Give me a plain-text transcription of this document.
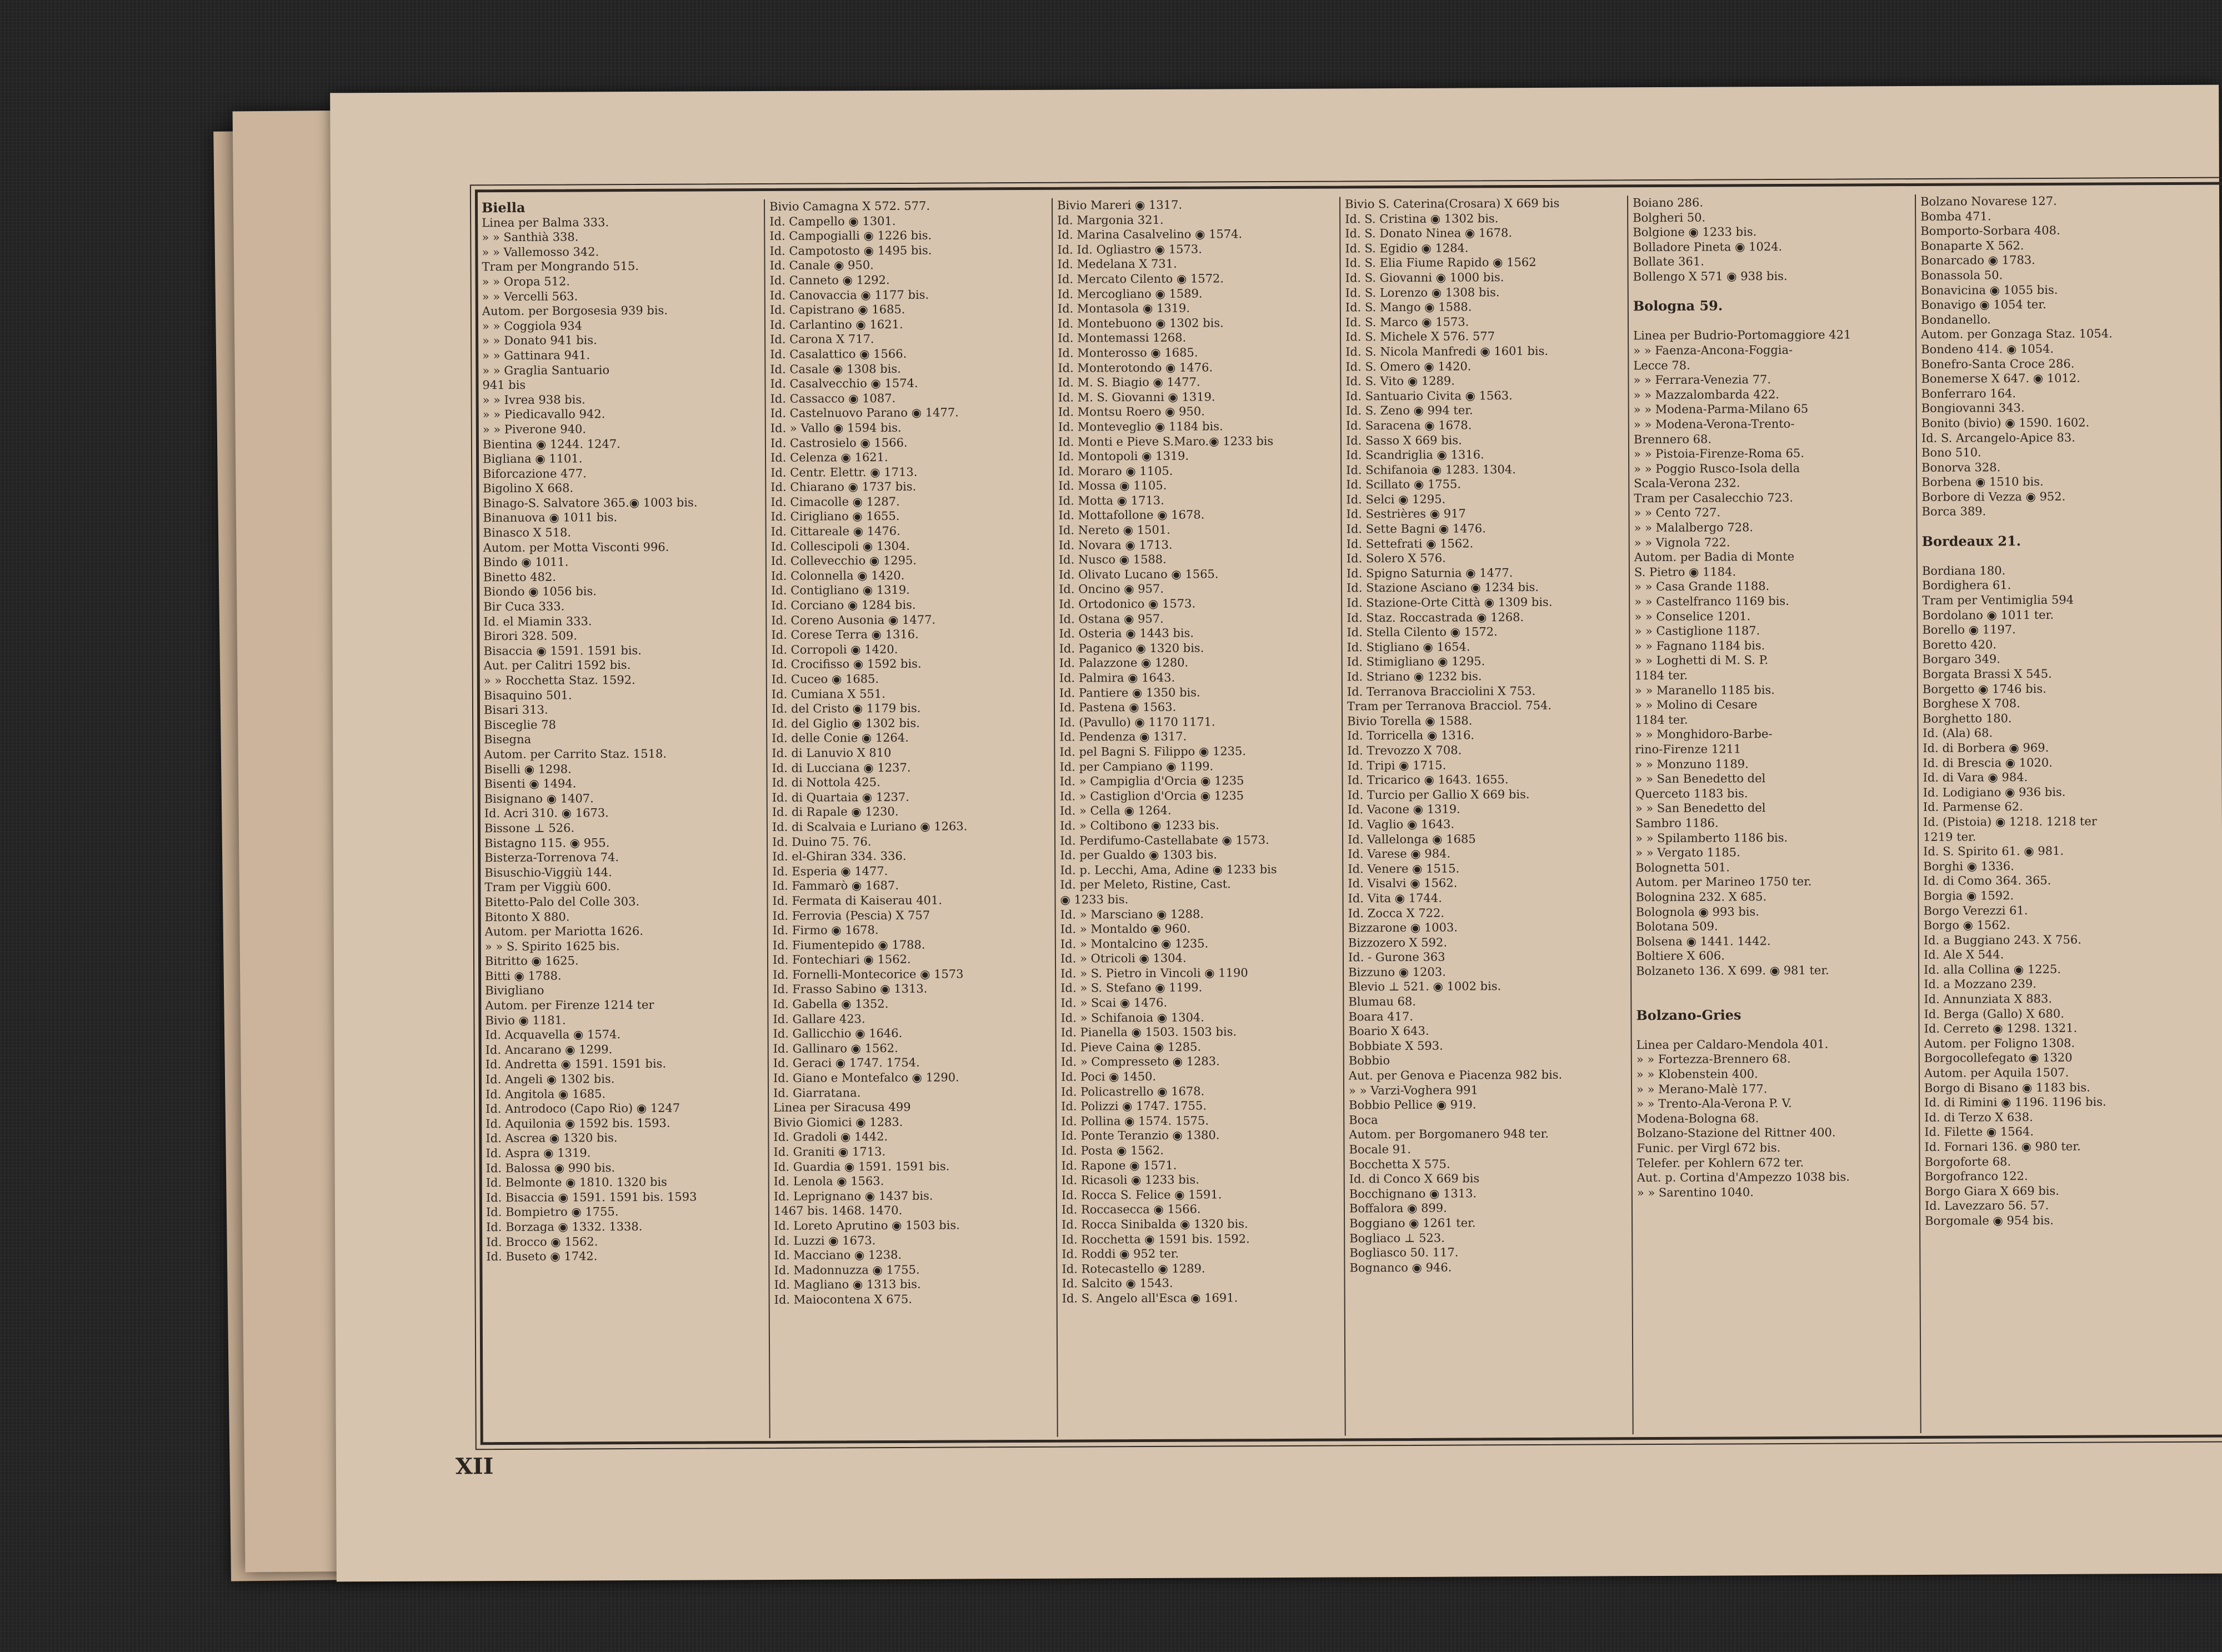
Biella
Linea per Balma 333.
» » Santhià 338.
» » Vallemosso 342.
Tram per Mongrando 515.
» » Oropa 512.
» » Vercelli 563.
Autom. per Borgosesia 939 bis.
» » Coggiola 934
» » Donato 941 bis.
» » Gattinara 941.
» » Graglia Santuario
941 bis
» » Ivrea 938 bis.
» » Piedicavallo 942.
» » Piverone 940.
Bientina ◉ 1244. 1247.
Bigliana ◉ 1101.
Biforcazione 477.
Bigolino Ⅹ 668.
Binago-S. Salvatore 365.◉ 1003 bis.
Binanuova ◉ 1011 bis.
Binasco Ⅹ 518.
Autom. per Motta Visconti 996.
Bindo ◉ 1011.
Binetto 482.
Biondo ◉ 1056 bis.
Bir Cuca 333.
Id. el Miamin 333.
Birori 328. 509.
Bisaccia ◉ 1591. 1591 bis.
Aut. per Calitri 1592 bis.
» » Rocchetta Staz. 1592.
Bisaquino 501.
Bisari 313.
Bisceglie 78
Bisegna
Autom. per Carrito Staz. 1518.
Biselli ◉ 1298.
Bisenti ◉ 1494.
Bisignano ◉ 1407.
Id. Acri 310. ◉ 1673.
Bissone ⊥ 526.
Bistagno 115. ◉ 955.
Bisterza-Torrenova 74.
Bisuschio-Viggiù 144.
Tram per Viggiù 600.
Bitetto-Palo del Colle 303.
Bitonto Ⅹ 880.
Autom. per Mariotta 1626.
» » S. Spirito 1625 bis.
Bitritto ◉ 1625.
Bitti ◉ 1788.
Bivigliano
Autom. per Firenze 1214 ter
Bivio ◉ 1181.
Id. Acquavella ◉ 1574.
Id. Ancarano ◉ 1299.
Id. Andretta ◉ 1591. 1591 bis.
Id. Angeli ◉ 1302 bis.
Id. Angitola ◉ 1685.
Id. Antrodoco (Capo Rio) ◉ 1247
Id. Aquilonia ◉ 1592 bis. 1593.
Id. Ascrea ◉ 1320 bis.
Id. Aspra ◉ 1319.
Id. Balossa ◉ 990 bis.
Id. Belmonte ◉ 1810. 1320 bis
Id. Bisaccia ◉ 1591. 1591 bis. 1593
Id. Bompietro ◉ 1755.
Id. Borzaga ◉ 1332. 1338.
Id. Brocco ◉ 1562.
Id. Buseto ◉ 1742.
Bivio Camagna Ⅹ 572. 577.
Id. Campello ◉ 1301.
Id. Campogialli ◉ 1226 bis.
Id. Campotosto ◉ 1495 bis.
Id. Canale ◉ 950.
Id. Canneto ◉ 1292.
Id. Canovaccia ◉ 1177 bis.
Id. Capistrano ◉ 1685.
Id. Carlantino ◉ 1621.
Id. Carona Ⅹ 717.
Id. Casalattico ◉ 1566.
Id. Casale ◉ 1308 bis.
Id. Casalvecchio ◉ 1574.
Id. Cassacco ◉ 1087.
Id. Castelnuovo Parano ◉ 1477.
Id. » Vallo ◉ 1594 bis.
Id. Castrosielo ◉ 1566.
Id. Celenza ◉ 1621.
Id. Centr. Elettr. ◉ 1713.
Id. Chiarano ◉ 1737 bis.
Id. Cimacolle ◉ 1287.
Id. Cirigliano ◉ 1655.
Id. Cittareale ◉ 1476.
Id. Collescipoli ◉ 1304.
Id. Collevecchio ◉ 1295.
Id. Colonnella ◉ 1420.
Id. Contigliano ◉ 1319.
Id. Corciano ◉ 1284 bis.
Id. Coreno Ausonia ◉ 1477.
Id. Corese Terra ◉ 1316.
Id. Corropoli ◉ 1420.
Id. Crocifisso ◉ 1592 bis.
Id. Cuceo ◉ 1685.
Id. Cumiana Ⅹ 551.
Id. del Cristo ◉ 1179 bis.
Id. del Giglio ◉ 1302 bis.
Id. delle Conie ◉ 1264.
Id. di Lanuvio Ⅹ 810
Id. di Lucciana ◉ 1237.
Id. di Nottola 425.
Id. di Quartaia ◉ 1237.
Id. di Rapale ◉ 1230.
Id. di Scalvaia e Luriano ◉ 1263.
Id. Duino 75. 76.
Id. el-Ghiran 334. 336.
Id. Esperia ◉ 1477.
Id. Fammarò ◉ 1687.
Id. Fermata di Kaiserau 401.
Id. Ferrovia (Pescia) Ⅹ 757
Id. Firmo ◉ 1678.
Id. Fiumentepido ◉ 1788.
Id. Fontechiari ◉ 1562.
Id. Fornelli-Montecorice ◉ 1573
Id. Frasso Sabino ◉ 1313.
Id. Gabella ◉ 1352.
Id. Gallare 423.
Id. Gallicchio ◉ 1646.
Id. Gallinaro ◉ 1562.
Id. Geraci ◉ 1747. 1754.
Id. Giano e Montefalco ◉ 1290.
Id. Giarratana.
Linea per Siracusa 499
Bivio Giomici ◉ 1283.
Id. Gradoli ◉ 1442.
Id. Graniti ◉ 1713.
Id. Guardia ◉ 1591. 1591 bis.
Id. Lenola ◉ 1563.
Id. Leprignano ◉ 1437 bis.
1467 bis. 1468. 1470.
Id. Loreto Aprutino ◉ 1503 bis.
Id. Luzzi ◉ 1673.
Id. Macciano ◉ 1238.
Id. Madonnuzza ◉ 1755.
Id. Magliano ◉ 1313 bis.
Id. Maiocontena Ⅹ 675.
Bivio Mareri ◉ 1317.
Id. Margonia 321.
Id. Marina Casalvelino ◉ 1574.
Id. Id. Ogliastro ◉ 1573.
Id. Medelana Ⅹ 731.
Id. Mercato Cilento ◉ 1572.
Id. Mercogliano ◉ 1589.
Id. Montasola ◉ 1319.
Id. Montebuono ◉ 1302 bis.
Id. Montemassi 1268.
Id. Monterosso ◉ 1685.
Id. Monterotondo ◉ 1476.
Id. M. S. Biagio ◉ 1477.
Id. M. S. Giovanni ◉ 1319.
Id. Montsu Roero ◉ 950.
Id. Monteveglio ◉ 1184 bis.
Id. Monti e Pieve S.Maro.◉ 1233 bis
Id. Montopoli ◉ 1319.
Id. Moraro ◉ 1105.
Id. Mossa ◉ 1105.
Id. Motta ◉ 1713.
Id. Mottafollone ◉ 1678.
Id. Nereto ◉ 1501.
Id. Novara ◉ 1713.
Id. Nusco ◉ 1588.
Id. Olivato Lucano ◉ 1565.
Id. Oncino ◉ 957.
Id. Ortodonico ◉ 1573.
Id. Ostana ◉ 957.
Id. Osteria ◉ 1443 bis.
Id. Paganico ◉ 1320 bis.
Id. Palazzone ◉ 1280.
Id. Palmira ◉ 1643.
Id. Pantiere ◉ 1350 bis.
Id. Pastena ◉ 1563.
Id. (Pavullo) ◉ 1170 1171.
Id. Pendenza ◉ 1317.
Id. pel Bagni S. Filippo ◉ 1235.
Id. per Campiano ◉ 1199.
Id. » Campiglia d'Orcia ◉ 1235
Id. » Castiglion d'Orcia ◉ 1235
Id. » Cella ◉ 1264.
Id. » Coltibono ◉ 1233 bis.
Id. Perdifumo-Castellabate ◉ 1573.
Id. per Gualdo ◉ 1303 bis.
Id. p. Lecchi, Ama, Adine ◉ 1233 bis
Id. per Meleto, Ristine, Cast.
◉ 1233 bis.
Id. » Marsciano ◉ 1288.
Id. » Montaldo ◉ 960.
Id. » Montalcino ◉ 1235.
Id. » Otricoli ◉ 1304.
Id. » S. Pietro in Vincoli ◉ 1190
Id. » S. Stefano ◉ 1199.
Id. » Scai ◉ 1476.
Id. » Schifanoia ◉ 1304.
Id. Pianella ◉ 1503. 1503 bis.
Id. Pieve Caina ◉ 1285.
Id. » Compresseto ◉ 1283.
Id. Poci ◉ 1450.
Id. Policastrello ◉ 1678.
Id. Polizzi ◉ 1747. 1755.
Id. Pollina ◉ 1574. 1575.
Id. Ponte Teranzio ◉ 1380.
Id. Posta ◉ 1562.
Id. Rapone ◉ 1571.
Id. Ricasoli ◉ 1233 bis.
Id. Rocca S. Felice ◉ 1591.
Id. Roccasecca ◉ 1566.
Id. Rocca Sinibalda ◉ 1320 bis.
Id. Rocchetta ◉ 1591 bis. 1592.
Id. Roddi ◉ 952 ter.
Id. Rotecastello ◉ 1289.
Id. Salcito ◉ 1543.
Id. S. Angelo all'Esca ◉ 1691.
Bivio S. Caterina(Crosara) Ⅹ 669 bis
Id. S. Cristina ◉ 1302 bis.
Id. S. Donato Ninea ◉ 1678.
Id. S. Egidio ◉ 1284.
Id. S. Elia Fiume Rapido ◉ 1562
Id. S. Giovanni ◉ 1000 bis.
Id. S. Lorenzo ◉ 1308 bis.
Id. S. Mango ◉ 1588.
Id. S. Marco ◉ 1573.
Id. S. Michele Ⅹ 576. 577
Id. S. Nicola Manfredi ◉ 1601 bis.
Id. S. Omero ◉ 1420.
Id. S. Vito ◉ 1289.
Id. Santuario Civita ◉ 1563.
Id. S. Zeno ◉ 994 ter.
Id. Saracena ◉ 1678.
Id. Sasso Ⅹ 669 bis.
Id. Scandriglia ◉ 1316.
Id. Schifanoia ◉ 1283. 1304.
Id. Scillato ◉ 1755.
Id. Selci ◉ 1295.
Id. Sestrières ◉ 917
Id. Sette Bagni ◉ 1476.
Id. Settefrati ◉ 1562.
Id. Solero Ⅹ 576.
Id. Spigno Saturnia ◉ 1477.
Id. Stazione Asciano ◉ 1234 bis.
Id. Stazione-Orte Città ◉ 1309 bis.
Id. Staz. Roccastrada ◉ 1268.
Id. Stella Cilento ◉ 1572.
Id. Stigliano ◉ 1654.
Id. Stimigliano ◉ 1295.
Id. Striano ◉ 1232 bis.
Id. Terranova Bracciolini Ⅹ 753.
Tram per Terranova Bracciol. 754.
Bivio Torella ◉ 1588.
Id. Torricella ◉ 1316.
Id. Trevozzo Ⅹ 708.
Id. Tripi ◉ 1715.
Id. Tricarico ◉ 1643. 1655.
Id. Turcio per Gallio Ⅹ 669 bis.
Id. Vacone ◉ 1319.
Id. Vaglio ◉ 1643.
Id. Vallelonga ◉ 1685
Id. Varese ◉ 984.
Id. Venere ◉ 1515.
Id. Visalvi ◉ 1562.
Id. Vita ◉ 1744.
Id. Zocca Ⅹ 722.
Bizzarone ◉ 1003.
Bizzozero Ⅹ 592.
Id. - Gurone 363
Bizzuno ◉ 1203.
Blevio ⊥ 521. ◉ 1002 bis.
Blumau 68.
Boara 417.
Boario Ⅹ 643.
Bobbiate Ⅹ 593.
Bobbio
Aut. per Genova e Piacenza 982 bis.
» » Varzi-Voghera 991
Bobbio Pellice ◉ 919.
Boca
Autom. per Borgomanero 948 ter.
Bocale 91.
Bocchetta Ⅹ 575.
Id. di Conco Ⅹ 669 bis
Bocchignano ◉ 1313.
Boffalora ◉ 899.
Boggiano ◉ 1261 ter.
Bogliaco ⊥ 523.
Bogliasco 50. 117.
Bognanco ◉ 946.
Boiano 286.
Bolgheri 50.
Bolgione ◉ 1233 bis.
Bolladore Pineta ◉ 1024.
Bollate 361.
Bollengo Ⅹ 571 ◉ 938 bis.
Bologna 59.
Linea per Budrio-Portomaggiore 421
» » Faenza-Ancona-Foggia-
Lecce 78.
» » Ferrara-Venezia 77.
» » Mazzalombarda 422.
» » Modena-Parma-Milano 65
» » Modena-Verona-Trento-
Brennero 68.
» » Pistoia-Firenze-Roma 65.
» » Poggio Rusco-Isola della
Scala-Verona 232.
Tram per Casalecchio 723.
» » Cento 727.
» » Malalbergo 728.
» » Vignola 722.
Autom. per Badia di Monte
S. Pietro ◉ 1184.
» » Casa Grande 1188.
» » Castelfranco 1169 bis.
» » Conselice 1201.
» » Castiglione 1187.
» » Fagnano 1184 bis.
» » Loghetti di M. S. P.
1184 ter.
» » Maranello 1185 bis.
» » Molino di Cesare
1184 ter.
» » Monghidoro-Barbe-
rino-Firenze 1211
» » Monzuno 1189.
» » San Benedetto del
Querceto 1183 bis.
» » San Benedetto del
Sambro 1186.
» » Spilamberto 1186 bis.
» » Vergato 1185.
Bolognetta 501.
Autom. per Marineo 1750 ter.
Bolognina 232. Ⅹ 685.
Bolognola ◉ 993 bis.
Bolotana 509.
Bolsena ◉ 1441. 1442.
Boltiere Ⅹ 606.
Bolzaneto 136. Ⅹ 699. ◉ 981 ter.
Bolzano-Gries
Linea per Caldaro-Mendola 401.
» » Fortezza-Brennero 68.
» » Klobenstein 400.
» » Merano-Malè 177.
» » Trento-Ala-Verona P. V.
Modena-Bologna 68.
Bolzano-Stazione del Rittner 400.
Funic. per Virgl 672 bis.
Telefer. per Kohlern 672 ter.
Aut. p. Cortina d'Ampezzo 1038 bis.
» » Sarentino 1040.
Bolzano Novarese 127.
Bomba 471.
Bomporto-Sorbara 408.
Bonaparte Ⅹ 562.
Bonarcado ◉ 1783.
Bonassola 50.
Bonavicina ◉ 1055 bis.
Bonavigo ◉ 1054 ter.
Bondanello.
Autom. per Gonzaga Staz. 1054.
Bondeno 414. ◉ 1054.
Bonefro-Santa Croce 286.
Bonemerse Ⅹ 647. ◉ 1012.
Bonferraro 164.
Bongiovanni 343.
Bonito (bivio) ◉ 1590. 1602.
Id. S. Arcangelo-Apice 83.
Bono 510.
Bonorva 328.
Borbena ◉ 1510 bis.
Borbore di Vezza ◉ 952.
Borca 389.
Bordeaux 21.
Bordiana 180.
Bordighera 61.
Tram per Ventimiglia 594
Bordolano ◉ 1011 ter.
Borello ◉ 1197.
Boretto 420.
Borgaro 349.
Borgata Brassi Ⅹ 545.
Borgetto ◉ 1746 bis.
Borghese Ⅹ 708.
Borghetto 180.
Id. (Ala) 68.
Id. di Borbera ◉ 969.
Id. di Brescia ◉ 1020.
Id. di Vara ◉ 984.
Id. Lodigiano ◉ 936 bis.
Id. Parmense 62.
Id. (Pistoia) ◉ 1218. 1218 ter
1219 ter.
Id. S. Spirito 61. ◉ 981.
Borghi ◉ 1336.
Id. di Como 364. 365.
Borgia ◉ 1592.
Borgo Verezzi 61.
Borgo ◉ 1562.
Id. a Buggiano 243. Ⅹ 756.
Id. Ale Ⅹ 544.
Id. alla Collina ◉ 1225.
Id. a Mozzano 239.
Id. Annunziata Ⅹ 883.
Id. Berga (Gallo) Ⅹ 680.
Id. Cerreto ◉ 1298. 1321.
Autom. per Foligno 1308.
Borgocollefegato ◉ 1320
Autom. per Aquila 1507.
Borgo di Bisano ◉ 1183 bis.
Id. di Rimini ◉ 1196. 1196 bis.
Id. di Terzo Ⅹ 638.
Id. Filette ◉ 1564.
Id. Fornari 136. ◉ 980 ter.
Borgoforte 68.
Borgofranco 122.
Borgo Giara Ⅹ 669 bis.
Id. Lavezzaro 56. 57.
Borgomale ◉ 954 bis.
XII
